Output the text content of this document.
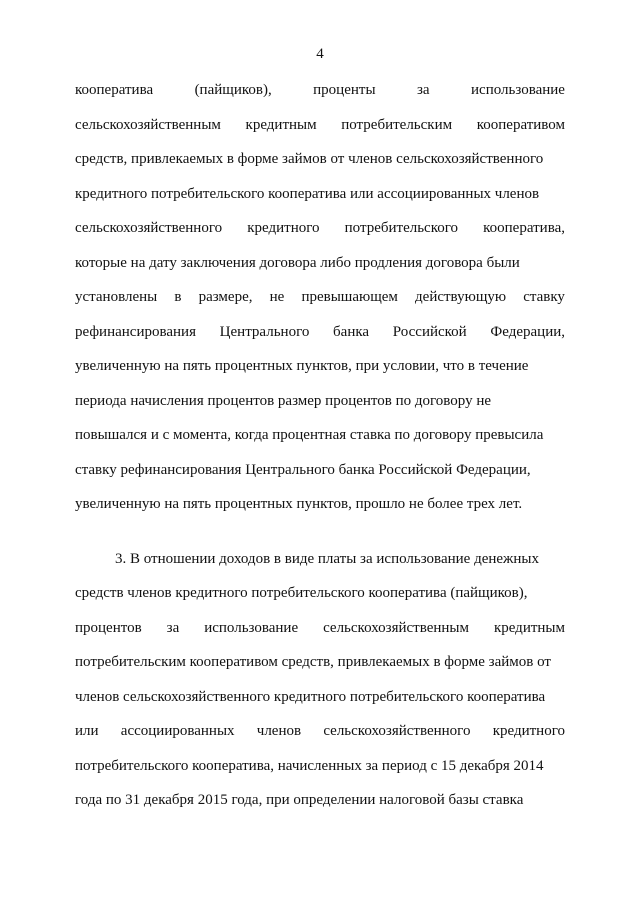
4
кооператива	(пайщиков),	проценты	за	использование
сельскохозяйственным кредитным потребительским кооперативом
средств, привлекаемых в форме займов от членов сельскохозяйственного
кредитного потребительского кооператива или ассоциированных членов
сельскохозяйственного кредитного потребительского кооператива,
которые на дату заключения договора либо продления договора были
установлены в размере, не превышающем действующую ставку
рефинансирования Центрального банка Российской Федерации,
увеличенную на пять процентных пунктов, при условии, что в течение
периода начисления процентов размер процентов по договору не
повышался и с момента, когда процентная ставка по договору превысила
ставку рефинансирования Центрального банка Российской Федерации,
увеличенную на пять процентных пунктов, прошло не более трех лет.
3. В отношении доходов в виде платы за использование денежных
средств членов кредитного потребительского кооператива (пайщиков),
процентов за использование сельскохозяйственным кредитным
потребительским кооперативом средств, привлекаемых в форме займов от
членов сельскохозяйственного кредитного потребительского кооператива
или ассоциированных членов сельскохозяйственного кредитного
потребительского кооператива, начисленных за период с 15 декабря 2014
года по 31 декабря 2015 года, при определении налоговой базы ставка
